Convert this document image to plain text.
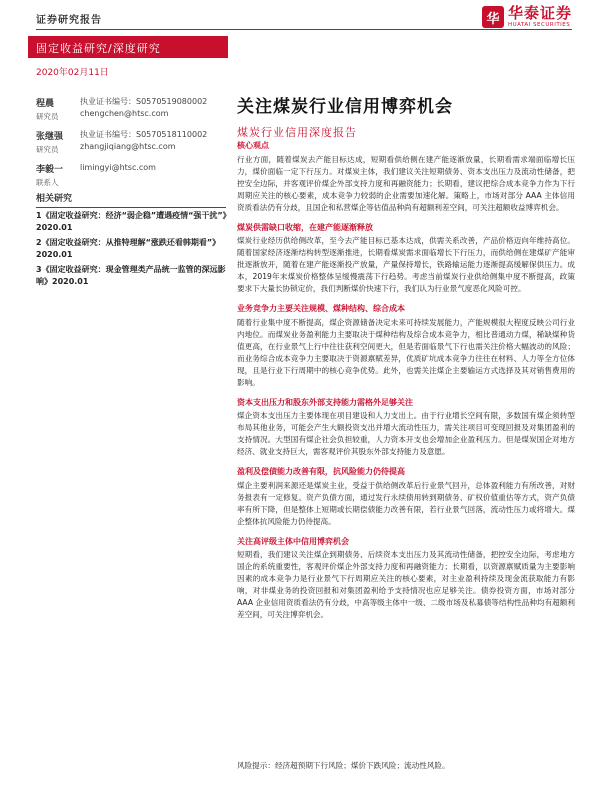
证券研究报告	华 华泰证券
HUATAI SECURITIES
固定收益研究/深度研究
2020年02月11日
程晨
研究员
执业证书编号：S0570519080002
chengchen@htsc.com
张继强
研究员
执业证书编号：S0570518110002
zhangjiqiang@htsc.com
李毅一
联系人
limingyi@htsc.com
相关研究
1《固定收益研究：经济“弱企稳”遭遇疫情“强干扰”》2020.01
2《固定收益研究：从推特理解“涨跌还看韩期看”》2020.01
3《固定收益研究：现金管理类产品统一监管的深远影响》2020.01
关注煤炭行业信用博弈机会
煤炭行业信用深度报告
核心观点
行业方面，随着煤炭去产能目标达成，短期看供给侧在建产能逐渐放量，长期看需求端面临增长压力，煤价面临一定下行压力。对煤炭主体，我们建议关注短期债务、资本支出压力及流动性储备，把控安全边际，并客观评价煤企外部支持力度和再融资能力；长期看，建议把综合成本竞争力作为下行周期应关注的核心要素，成本竞争力较弱的企业需要加速化解。策略上，市场对部分 AAA 主体信用资质看法仍有分歧，且国企和私营煤企等估值品种尚有超额利差空间，可关注超额收益博弈机会。
煤炭供需缺口收缩，在建产能逐渐释放
煤炭行业经历供给侧改革，至今去产能目标已基本达成，供需关系改善，产品价格迈向年维持高位。随着国家经济逐渐结构转型逐渐推进，长期看煤炭需求面临增长下行压力，而供给侧在建煤矿产能审批逐渐放开，随着在建产能逐渐投产放量，产量保持增长，铁路输运能力逐渐提高缓解保供压力。成本，2019年末煤炭价格整体呈缓慢震荡下行趋势。考虑当前煤炭行业供给侧集中度不断提高，政策要求下大量长协锁定价，我们判断煤价快速下行，我们认为行业景气度恶化风险可控。
业务竞争力主要关注规模、煤种结构、综合成本
随着行业集中度不断提高，煤企资源储备决定未来可持续发展能力，产能规模很大程度反映公司行业内地位。而煤炭业务盈利能力主要取决于煤种结构及综合成本竞争力，相比普通动力煤，稀缺煤种货值更高，在行业景气上行中往往获利空间更大，但是若面临景气下行也需关注价格大幅波动的风险；而业务综合成本竞争力主要取决于资源禀赋差异，优质矿坑成本竞争力往往在材料、人力等全方位体现，且是行业下行周期中的核心竞争优势。此外，也需关注煤企主要输运方式选择及其对销售费用的影响。
资本支出压力和股东外部支持能力需格外足够关注
煤企资本支出压力主要体现在项目建设和人力支出上。由于行业增长空间有限，多数国有煤企须转型布局其他业务，可能会产生大额投资支出并增大流动性压力，需关注项目可变现回报及对集团盈利的支持情况。大型国有煤企社会负担较重，人力资本开支也会增加企业盈利压力。但是煤炭国企对地方经济、就业支持巨大，需客观评价其股东外部支持能力及意愿。
盈利及偿债能力改善有限，抗风险能力仍待提高
煤企主要利润来源还是煤炭主业，受益于供给侧改革后行业景气回升，总体盈利能力有所改善，对财务报表有一定修复。资产负债方面，通过发行永续债用转到期债务、矿权价值重估等方式，资产负债率有所下降，但是整体上短期或长期偿债能力改善有限，若行业景气回落，流动性压力或将增大。煤企整体抗风险能力仍待提高。
关注高评级主体中信用博弈机会
短期看，我们建议关注煤企到期债务、后续资本支出压力及其流动性储备，把控安全边际，考虑地方国企的系统重要性，客观评价煤企外部支持力度和再融资能力；长期看，以资源禀赋质量为主要影响因素的成本竞争力是行业景气下行周期应关注的核心要素，对主业盈利持续及现金流获取能力有影响，对非煤业务的投资回报和对集团盈利给予支持情况也应足够关注。债券投资方面，市场对部分 AAA 企业信用资质看法仍有分歧，中高等级主体中一级、二级市场及私募债等结构性品种均有超额利差空间，可关注博弈机会。
风险提示：经济超预期下行风险；煤价下跌风险；流动性风险。
